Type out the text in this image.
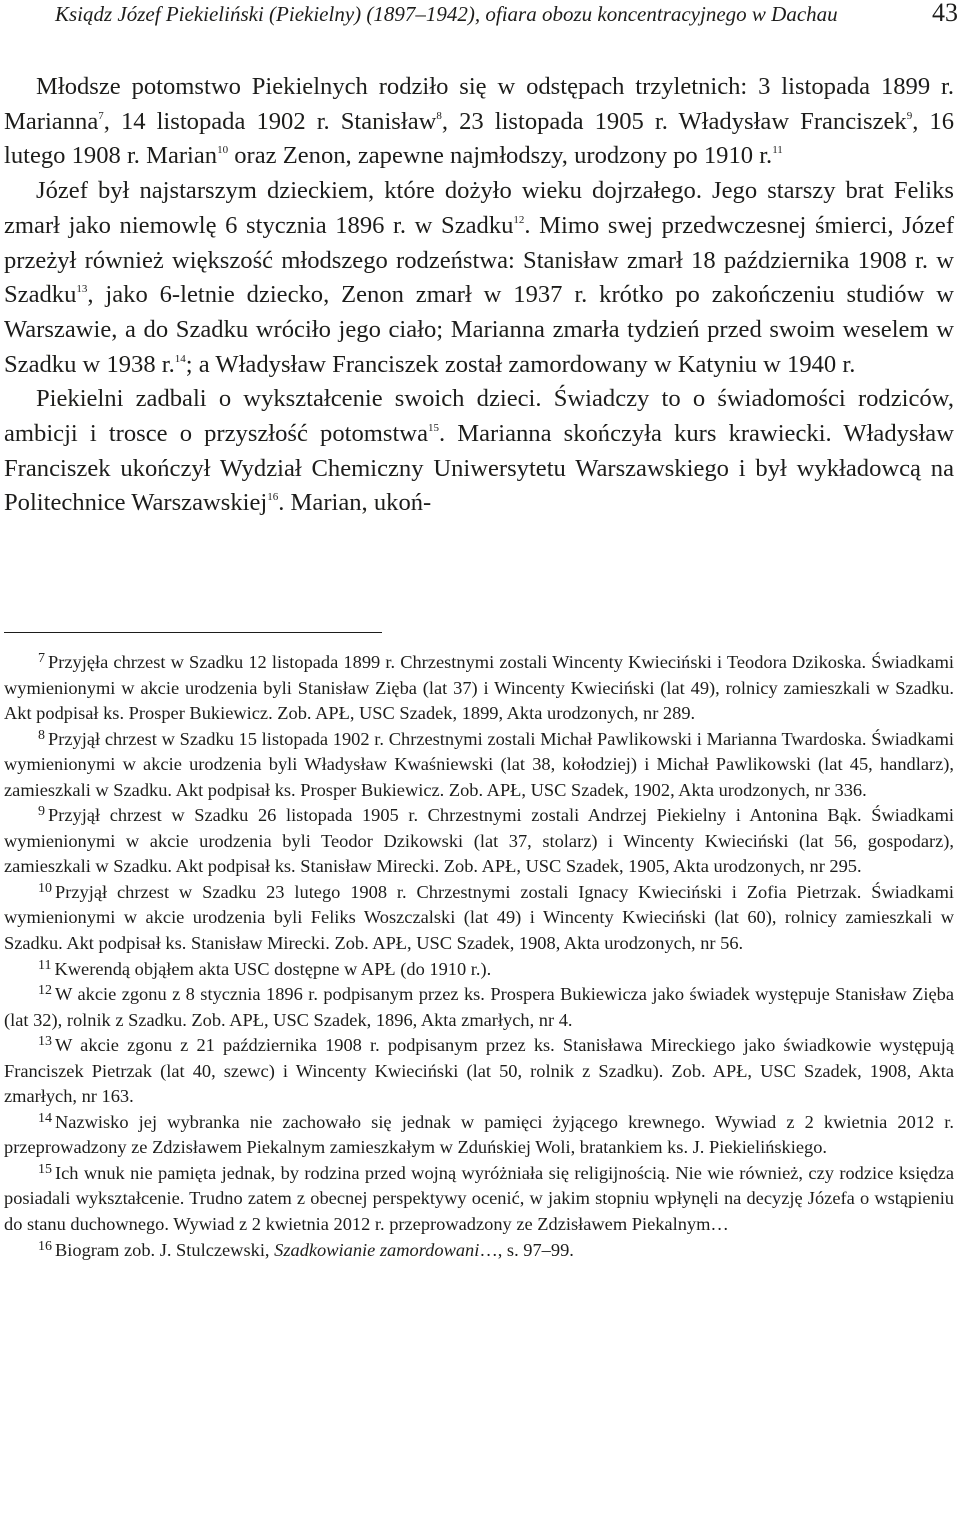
Ksiądz Józef Piekieliński (Piekielny) (1897–1942), ofiara obozu koncentracyjnego w Dachau	43

Młodsze potomstwo Piekielnych rodziło się w odstępach trzyletnich: 3 listopada 1899 r. Marianna$^7$, 14 listopada 1902 r. Stanisław$^8$, 23 listopada 1905 r. Władysław Franciszek$^9$, 16 lutego 1908 r. Marian$^{10}$ oraz Zenon, zapewne najmłodszy, urodzony po 1910 r.$^{11}$

Józef był najstarszym dzieckiem, które dożyło wieku dojrzałego. Jego starszy brat Feliks zmarł jako niemowlę 6 stycznia 1896 r. w Szadku$^{12}$. Mimo swej przedwczesnej śmierci, Józef przeżył również większość młodszego rodzeństwa: Stanisław zmarł 18 października 1908 r. w Szadku$^{13}$, jako 6-letnie dziecko, Zenon zmarł w 1937 r. krótko po zakończeniu studiów w Warszawie, a do Szadku wróciło jego ciało; Marianna zmarła tydzień przed swoim weselem w Szadku w 1938 r.$^{14}$; a Władysław Franciszek został zamordowany w Katyniu w 1940 r.

Piekielni zadbali o wykształcenie swoich dzieci. Świadczy to o świadomości rodziców, ambicji i trosce o przyszłość potomstwa$^{15}$. Marianna skończyła kurs krawiecki. Władysław Franciszek ukończył Wydział Chemiczny Uniwersytetu Warszawskiego i był wykładowcą na Politechnice Warszawskiej$^{16}$. Marian, ukoń-

$^7$ Przyjęła chrzest w Szadku 12 listopada 1899 r. Chrzestnymi zostali Wincenty Kwieciński i Teodora Dzikoska. Świadkami wymienionymi w akcie urodzenia byli Stanisław Zięba (lat 37) i Wincenty Kwieciński (lat 49), rolnicy zamieszkali w Szadku. Akt podpisał ks. Prosper Bukiewicz. Zob. APŁ, USC Szadek, 1899, Akta urodzonych, nr 289.

$^8$ Przyjął chrzest w Szadku 15 listopada 1902 r. Chrzestnymi zostali Michał Pawlikowski i Marianna Twardoska. Świadkami wymienionymi w akcie urodzenia byli Władysław Kwaśniewski (lat 38, kołodziej) i Michał Pawlikowski (lat 45, handlarz), zamieszkali w Szadku. Akt podpisał ks. Prosper Bukiewicz. Zob. APŁ, USC Szadek, 1902, Akta urodzonych, nr 336.

$^9$ Przyjął chrzest w Szadku 26 listopada 1905 r. Chrzestnymi zostali Andrzej Piekielny i Antonina Bąk. Świadkami wymienionymi w akcie urodzenia byli Teodor Dzikowski (lat 37, stolarz) i Wincenty Kwieciński (lat 56, gospodarz), zamieszkali w Szadku. Akt podpisał ks. Stanisław Mirecki. Zob. APŁ, USC Szadek, 1905, Akta urodzonych, nr 295.

$^{10}$ Przyjął chrzest w Szadku 23 lutego 1908 r. Chrzestnymi zostali Ignacy Kwieciński i Zofia Pietrzak. Świadkami wymienionymi w akcie urodzenia byli Feliks Woszczalski (lat 49) i Wincenty Kwieciński (lat 60), rolnicy zamieszkali w Szadku. Akt podpisał ks. Stanisław Mirecki. Zob. APŁ, USC Szadek, 1908, Akta urodzonych, nr 56.

$^{11}$ Kwerendą objąłem akta USC dostępne w APŁ (do 1910 r.).

$^{12}$ W akcie zgonu z 8 stycznia 1896 r. podpisanym przez ks. Prospera Bukiewicza jako świadek występuje Stanisław Zięba (lat 32), rolnik z Szadku. Zob. APŁ, USC Szadek, 1896, Akta zmarłych, nr 4.

$^{13}$ W akcie zgonu z 21 października 1908 r. podpisanym przez ks. Stanisława Mireckiego jako świadkowie występują Franciszek Pietrzak (lat 40, szewc) i Wincenty Kwieciński (lat 50, rolnik z Szadku). Zob. APŁ, USC Szadek, 1908, Akta zmarłych, nr 163.

$^{14}$ Nazwisko jej wybranka nie zachowało się jednak w pamięci żyjącego krewnego. Wywiad z 2 kwietnia 2012 r. przeprowadzony ze Zdzisławem Piekalnym zamieszkałym w Zduńskiej Woli, bratankiem ks. J. Piekielińskiego.

$^{15}$ Ich wnuk nie pamięta jednak, by rodzina przed wojną wyróżniała się religijnością. Nie wie również, czy rodzice księdza posiadali wykształcenie. Trudno zatem z obecnej perspektywy ocenić, w jakim stopniu wpłynęli na decyzję Józefa o wstąpieniu do stanu duchownego. Wywiad z 2 kwietnia 2012 r. przeprowadzony ze Zdzisławem Piekalnym…

$^{16}$ Biogram zob. J. Stulczewski, Szadkowianie zamordowani…, s. 97–99.
